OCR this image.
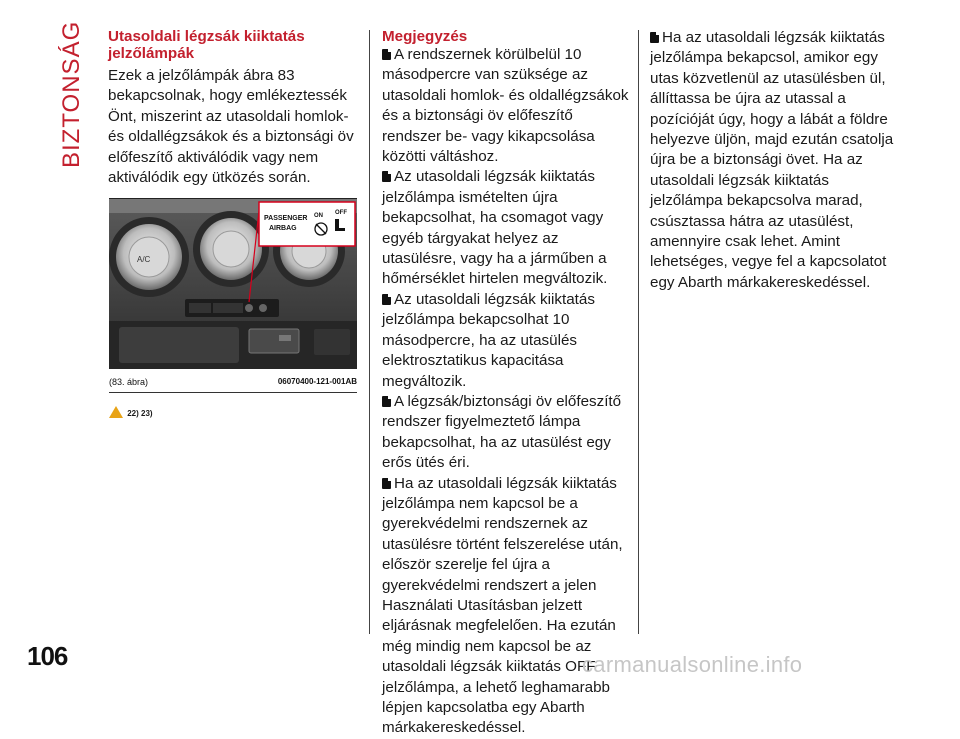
BIZTONSÁG
106
Utasoldali légzsák kiiktatás jelzőlámpák

Ezek a jelzőlámpák ábra 83 bekapcsolnak, hogy emlékeztessék Önt, miszerint az utasoldali homlok- és oldallégzsákok és a biztonsági öv előfeszítő aktiválódik vagy nem aktiválódik egy ütközés során.

A/C
PASSENGER
AIRBAG
ON OFF
(83. ábra)	06070400-121-001AB
22) 23)
Megjegyzés

A rendszernek körülbelül 10 másodpercre van szüksége az utasoldali homlok- és oldallégzsákok és a biztonsági öv előfeszítő rendszer be- vagy kikapcsolása közötti váltáshoz.

Az utasoldali légzsák kiiktatás jelzőlámpa ismételten újra bekapcsolhat, ha csomagot vagy egyéb tárgyakat helyez az utasülésre, vagy ha a járműben a hőmérséklet hirtelen megváltozik.

Az utasoldali légzsák kiiktatás jelzőlámpa bekapcsolhat 10 másodpercre, ha az utasülés elektrosztatikus kapacitása megváltozik.

A légzsák/biztonsági öv előfeszítő rendszer figyelmeztető lámpa bekapcsolhat, ha az utasülést egy erős ütés éri.

Ha az utasoldali légzsák kiiktatás jelzőlámpa nem kapcsol be a gyerekvédelmi rendszernek az utasülésre történt felszerelése után, először szerelje fel újra a gyerekvédelmi rendszert a jelen Használati Utasításban jelzett eljárásnak megfelelően. Ha ezután még mindig nem kapcsol be az utasoldali légzsák kiiktatás OFF jelzőlámpa, a lehető leghamarabb lépjen kapcsolatba egy Abarth márkakereskedéssel.

Ha az utasoldali légzsák kiiktatás jelzőlámpa bekapcsol, amikor egy utas közvetlenül az utasülésben ül, állíttassa be újra az utassal a pozícióját úgy, hogy a lábát a földre helyezve üljön, majd ezután csatolja újra be a biztonsági övet. Ha az utasoldali légzsák kiiktatás jelzőlámpa bekapcsolva marad, csúsztassa hátra az utasülést, amennyire csak lehet. Amint lehetséges, vegye fel a kapcsolatot egy Abarth márkakereskedéssel.

carmanualsonline.info
